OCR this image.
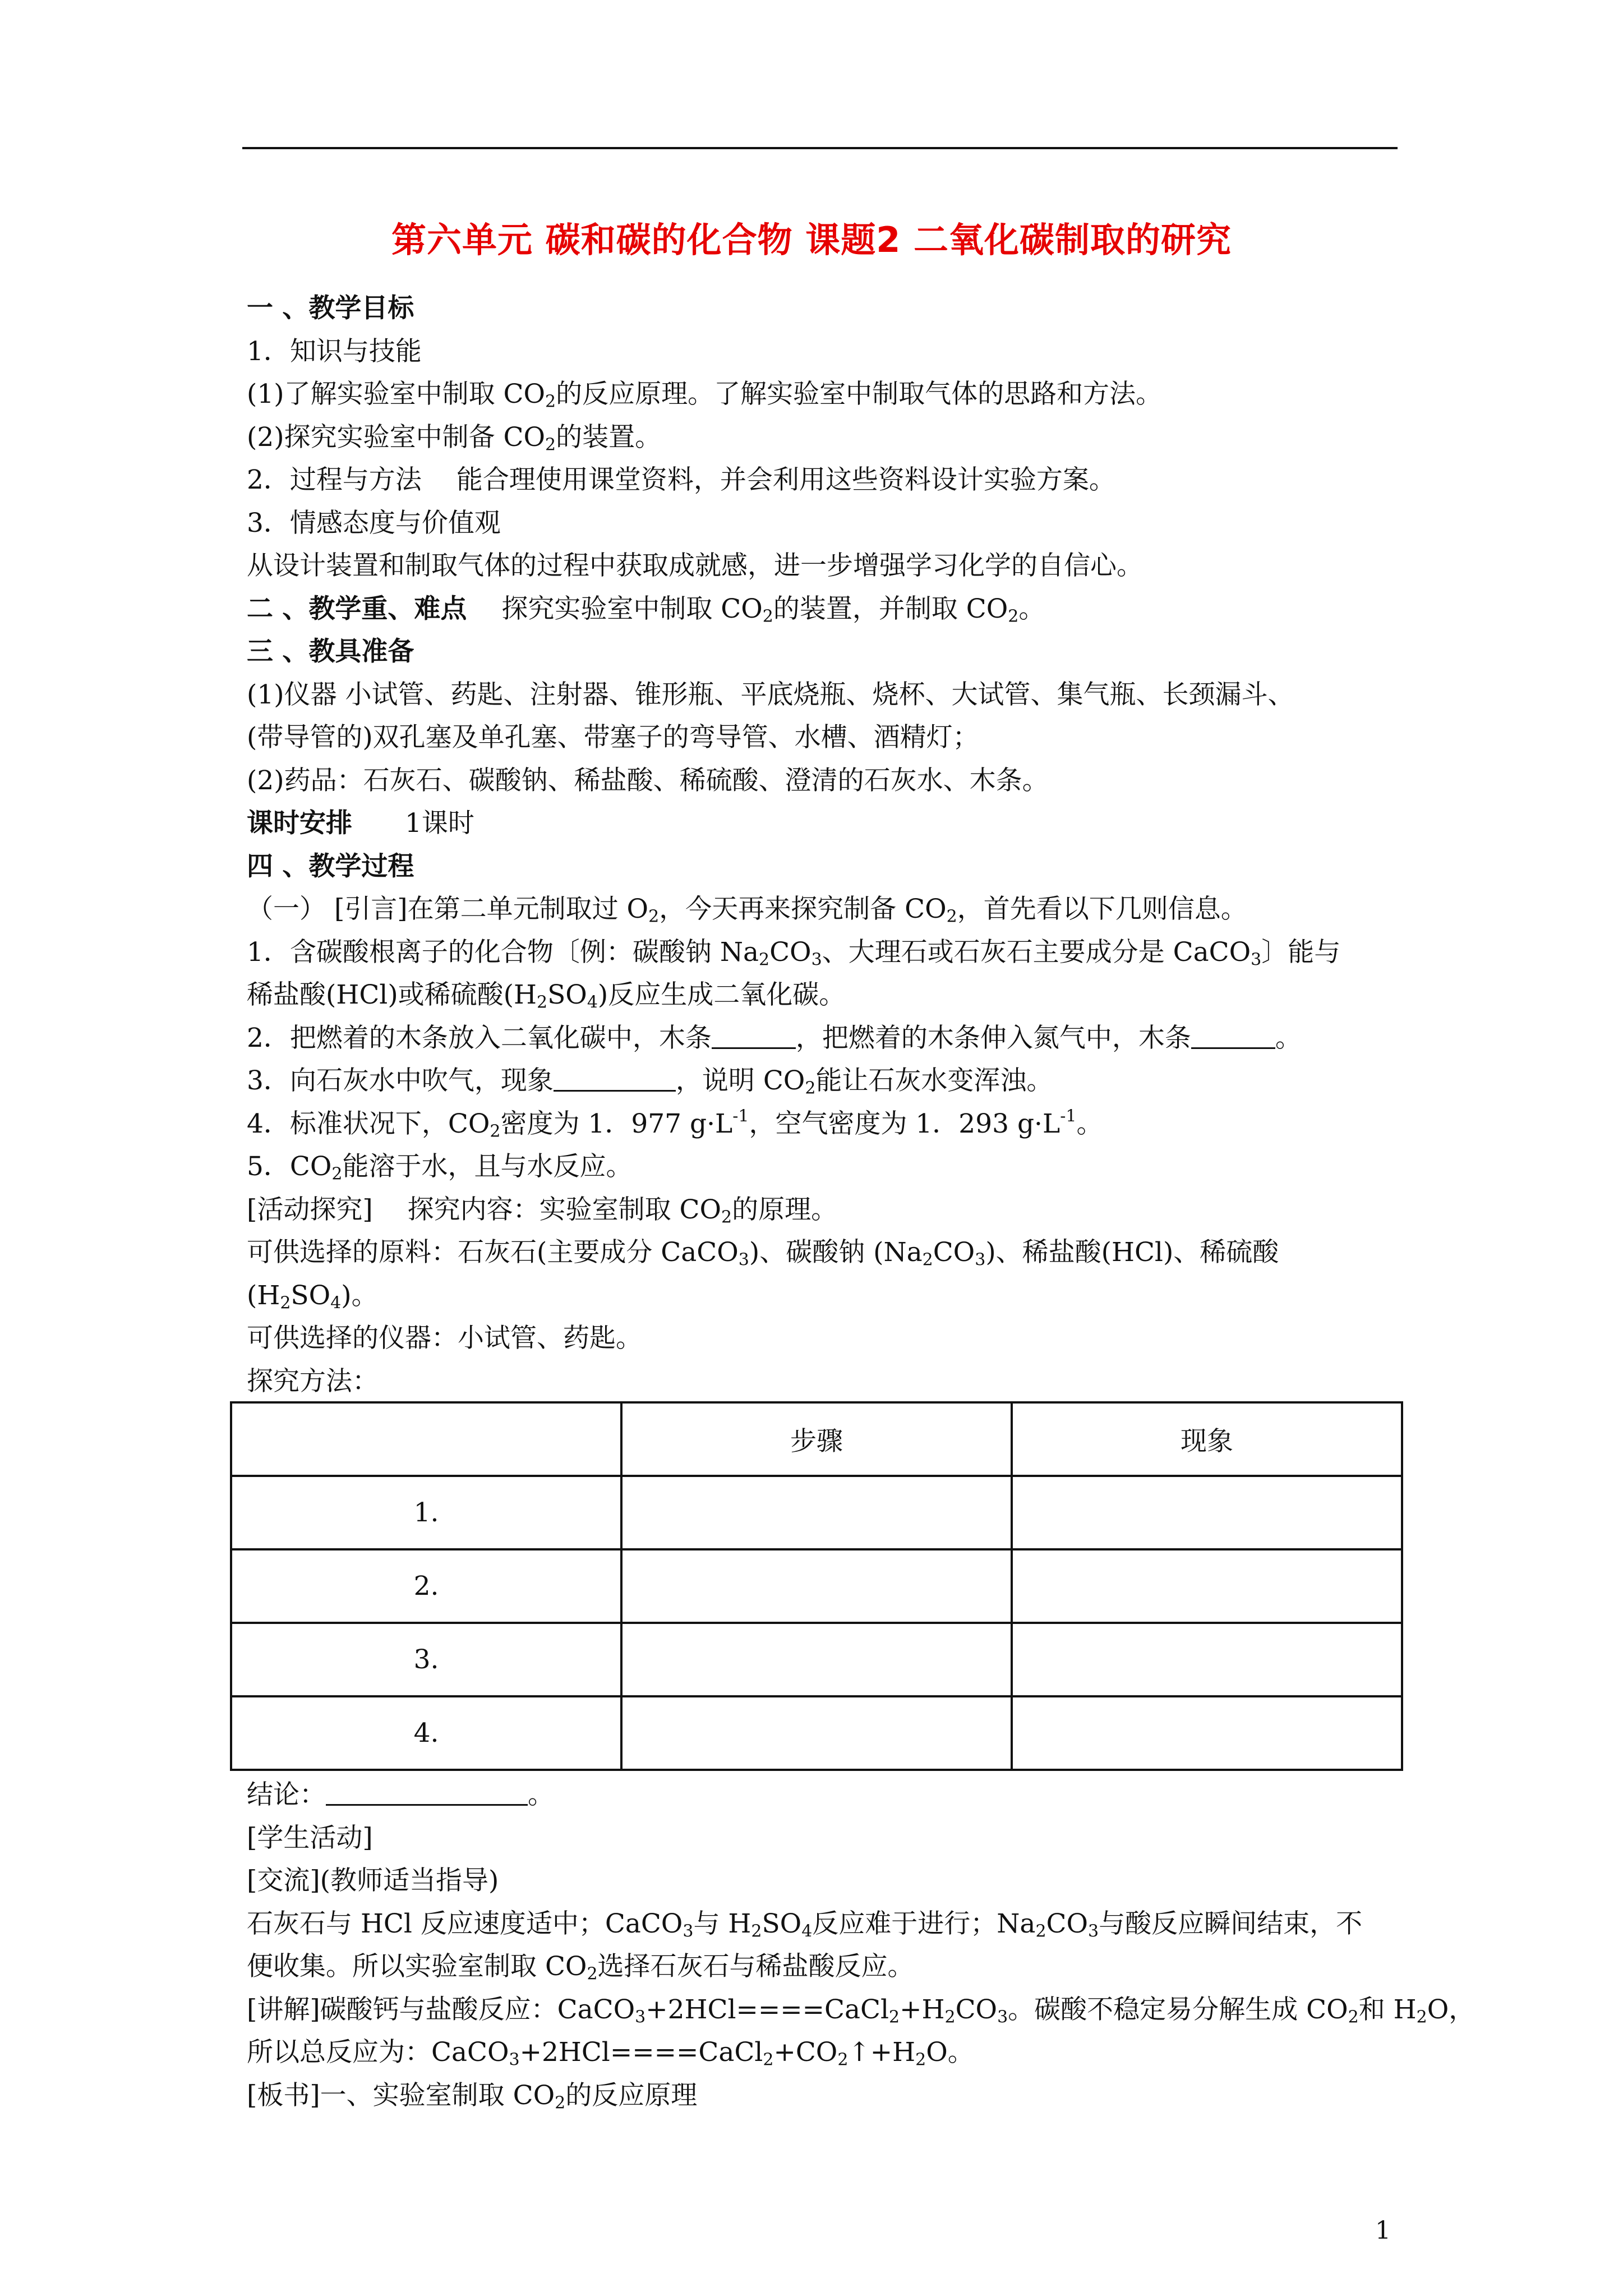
第六单元 碳和碳的化合物 课题2 二氧化碳制取的研究
一 、教学目标
1．知识与技能
(1)了解实验室中制取 $CO_2$的反应原理。了解实验室中制取气体的思路和方法。
(2)探究实验室中制备 $CO_2$的装置。
2．过程与方法　 能合理使用课堂资料，并会利用这些资料设计实验方案。
3．情感态度与价值观
从设计装置和制取气体的过程中获取成就感，进一步增强学习化学的自信心。
二 、教学重、难点　 探究实验室中制取 $CO_2$的装置，并制取 $CO_2$。
三 、教具准备
(1)仪器 小试管、药匙、注射器、锥形瓶、平底烧瓶、烧杯、大试管、集气瓶、长颈漏斗、
(带导管的)双孔塞及单孔塞、带塞子的弯导管、水槽、酒精灯；
(2)药品：石灰石、碳酸钠、稀盐酸、稀硫酸、澄清的石灰水、木条。
课时安排　　1课时
四 、教学过程
（一） [引言]在第二单元制取过 $O_2$，今天再来探究制备 $CO_2$，首先看以下几则信息。
1．含碳酸根离子的化合物〔例：碳酸钠 $Na_2CO_3$、大理石或石灰石主要成分是 CaCO$_3$〕能与
稀盐酸(HCl)或稀硫酸$(H_2SO_4)$反应生成二氧化碳。
2．把燃着的木条放入二氧化碳中，木条	，把燃着的木条伸入氮气中，木条	。
3．向石灰水中吹气，现象	，说明 $CO_2$能让石灰水变浑浊。
4．标准状况下，$CO_2$密度为 1．977 $g\cdot L^{-1}$，空气密度为 1．293 $g\cdot L^{-1}$。
5．$CO_2$能溶于水，且与水反应。
[活动探究]　 探究内容：实验室制取 $CO_2$的原理。
可供选择的原料：石灰石(主要成分 CaCO$_3$)、碳酸钠 $(Na_2CO_3)$、稀盐酸(HCl)、稀硫酸
$(H_2SO_4)$。
可供选择的仪器：小试管、药匙。
探究方法：
	步骤	现象
1.		
2.		
3.		
4.		
结论：	。
[学生活动]
[交流](教师适当指导)
石灰石与 HCl 反应速度适中；CaCO$_3$与 $H_2SO_4$反应难于进行；$Na_2CO_3$与酸反应瞬间结束，不
便收集。所以实验室制取 $CO_2$选择石灰石与稀盐酸反应。
[讲解]碳酸钙与盐酸反应：$CaCO_3+2HCl====CaCl_2+H_2CO_3$。碳酸不稳定易分解生成 $CO_2$和 $H_2O$，
所以总反应为：$CaCO_3+2HCl====CaCl_2+CO_2↑+H_2O$。
[板书]一、实验室制取 $CO_2$的反应原理
1
